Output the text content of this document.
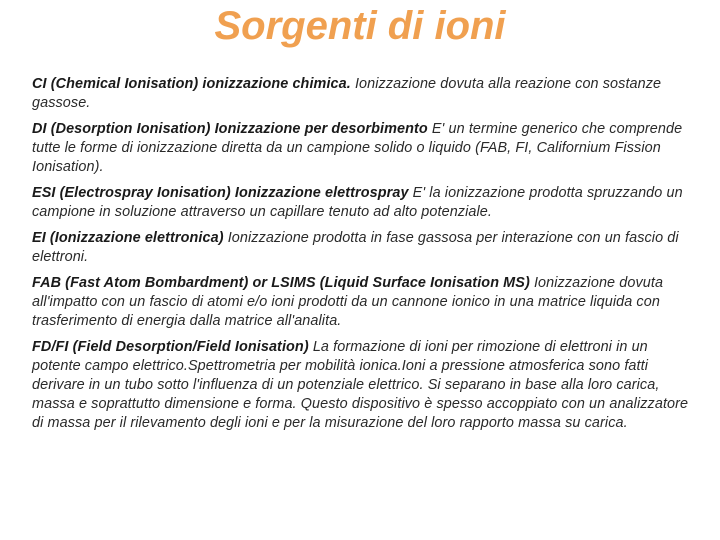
Sorgenti di ioni

CI (Chemical Ionisation) ionizzazione chimica. Ionizzazione dovuta alla reazione con sostanze gassose.

DI (Desorption Ionisation) Ionizzazione per desorbimento E' un termine generico che comprende tutte le forme di ionizzazione diretta da un campione solido o liquido (FAB, FI, Californium Fission Ionisation).

ESI (Electrospray Ionisation) Ionizzazione elettrospray E' la ionizzazione prodotta spruzzando un campione in soluzione attraverso un capillare tenuto ad alto potenziale.

EI (Ionizzazione elettronica) Ionizzazione prodotta in fase gassosa per interazione con un fascio di elettroni.

FAB (Fast Atom Bombardment) or LSIMS (Liquid Surface Ionisation MS) Ionizzazione dovuta all'impatto con un fascio di atomi e/o ioni prodotti da un cannone ionico in una matrice liquida con trasferimento di energia dalla matrice all'analita.

FD/FI (Field Desorption/Field Ionisation) La formazione di ioni per rimozione di elettroni in un potente campo elettrico.Spettrometria per mobilità ionica.Ioni a pressione atmosferica sono fatti derivare in un tubo sotto l'influenza di un potenziale elettrico. Si separano in base alla loro carica, massa e soprattutto dimensione e forma. Questo dispositivo è spesso accoppiato con un analizzatore di massa per il rilevamento degli ioni e per la misurazione del loro rapporto massa su carica.
